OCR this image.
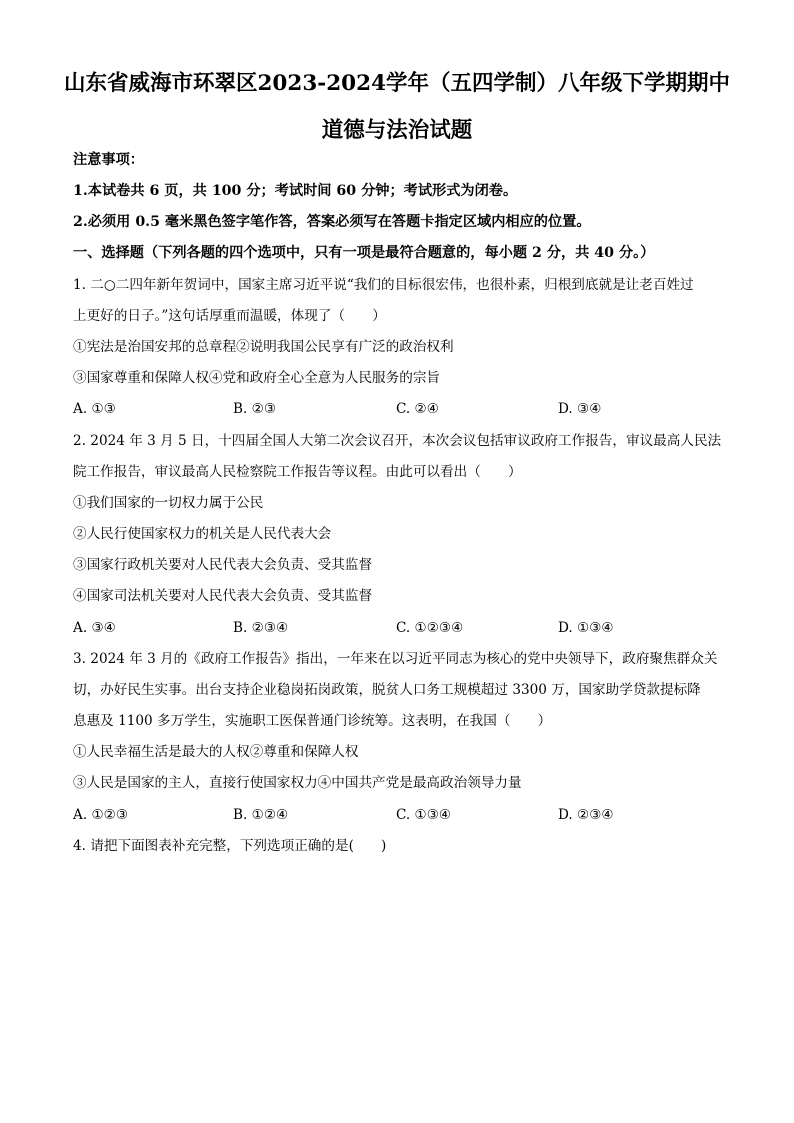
山东省威海市环翠区2023-2024学年（五四学制）八年级下学期期中
道德与法治试题
注意事项：
1.本试卷共 6 页，共 100 分；考试时间 60 分钟；考试形式为闭卷。
2.必须用 0.5 毫米黑色签字笔作答，答案必须写在答题卡指定区域内相应的位置。
一、选择题（下列各题的四个选项中，只有一项是最符合题意的，每小题 2 分，共 40 分。）
1. 二○二四年新年贺词中，国家主席习近平说“我们的目标很宏伟，也很朴素，归根到底就是让老百姓过
上更好的日子。”这句话厚重而温暖，体现了（　　）
①宪法是治国安邦的总章程②说明我国公民享有广泛的政治权利
③国家尊重和保障人权④党和政府全心全意为人民服务的宗旨
A. ①③	B. ②③	C. ②④	D. ③④
2. 2024 年 3 月 5 日，十四届全国人大第二次会议召开，本次会议包括审议政府工作报告，审议最高人民法
院工作报告，审议最高人民检察院工作报告等议程。由此可以看出（　　）
①我们国家的一切权力属于公民
②人民行使国家权力的机关是人民代表大会
③国家行政机关要对人民代表大会负责、受其监督
④国家司法机关要对人民代表大会负责、受其监督
A. ③④	B. ②③④	C. ①②③④	D. ①③④
3. 2024 年 3 月的《政府工作报告》指出，一年来在以习近平同志为核心的党中央领导下，政府聚焦群众关
切，办好民生实事。出台支持企业稳岗拓岗政策，脱贫人口务工规模超过 3300 万，国家助学贷款提标降
息惠及 1100 多万学生，实施职工医保普通门诊统筹。这表明，在我国（　　）
①人民幸福生活是最大的人权②尊重和保障人权
③人民是国家的主人，直接行使国家权力④中国共产党是最高政治领导力量
A. ①②③	B. ①②④	C. ①③④	D. ②③④
4. 请把下面图表补充完整，下列选项正确的是(　　)
